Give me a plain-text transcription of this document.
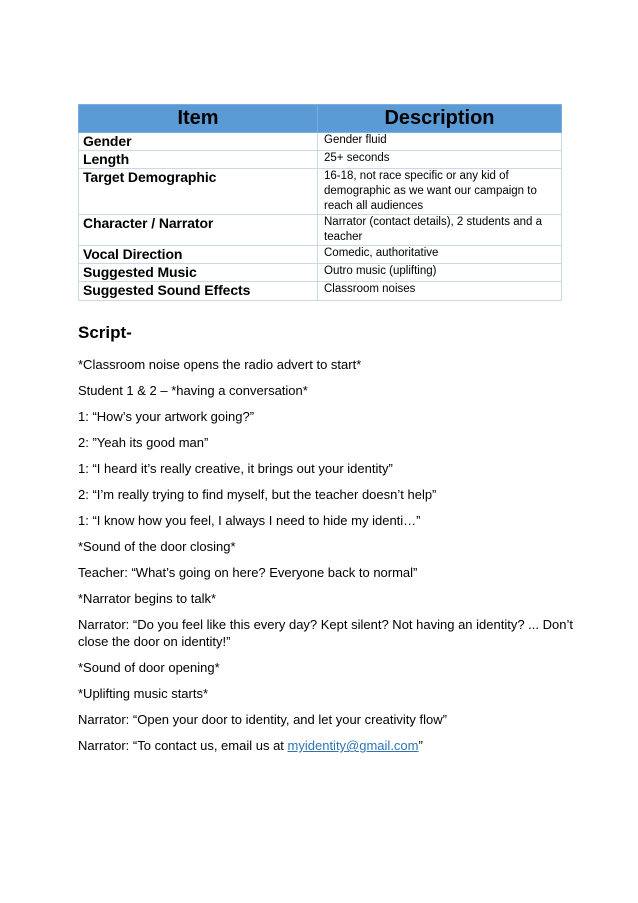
Item	Description
Gender	Gender fluid
Length	25+ seconds
Target Demographic	16-18, not race specific or any kid of demographic as we want our campaign to reach all audiences
Character / Narrator	Narrator (contact details), 2 students and a teacher
Vocal Direction	Comedic, authoritative
Suggested Music	Outro music (uplifting)
Suggested Sound Effects	Classroom noises
Script-
*Classroom noise opens the radio advert to start*
Student 1 & 2 – *having a conversation*
1: “How’s your artwork going?”
2: ”Yeah its good man”
1: “I heard it’s really creative, it brings out your identity”
2: “I’m really trying to find myself, but the teacher doesn’t help”
1: “I know how you feel, I always I need to hide my identi…”
*Sound of the door closing*
Teacher: “What’s going on here? Everyone back to normal”
*Narrator begins to talk*
Narrator: “Do you feel like this every day? Kept silent? Not having an identity? ... Don’t close the door on identity!”
*Sound of door opening*
*Uplifting music starts*
Narrator: “Open your door to identity, and let your creativity flow”
Narrator: “To contact us, email us at myidentity@gmail.com”
